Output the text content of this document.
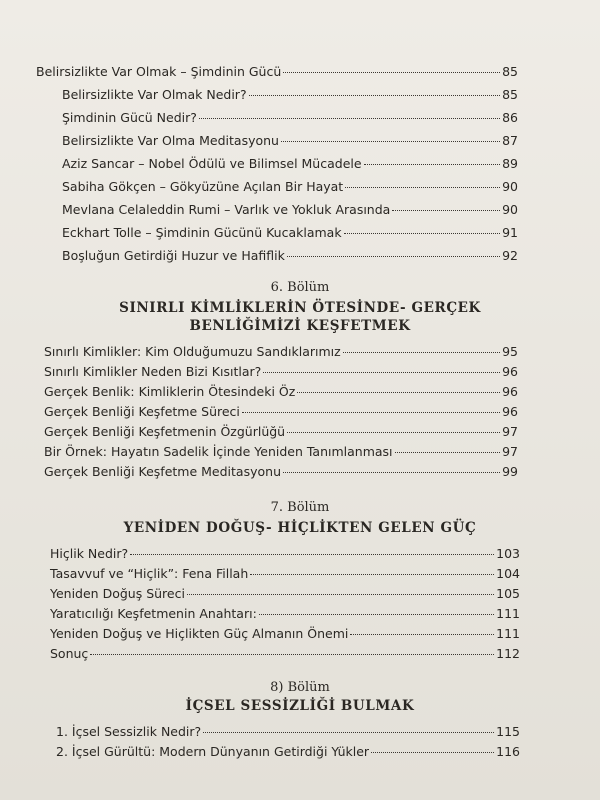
Belirsizlikte Var Olmak – Şimdinin Gücü	85
Belirsizlikte Var Olmak Nedir?	85
Şimdinin Gücü Nedir?	86
Belirsizlikte Var Olma Meditasyonu	87
Aziz Sancar – Nobel Ödülü ve Bilimsel Mücadele	89
Sabiha Gökçen – Gökyüzüne Açılan Bir Hayat	90
Mevlana Celaleddin Rumi – Varlık ve Yokluk Arasında	90
Eckhart Tolle – Şimdinin Gücünü Kucaklamak	91
Boşluğun Getirdiği Huzur ve Hafiflik	92
6. Bölüm
SINIRLI KİMLİKLERİN ÖTESİNDE- GERÇEK
BENLİĞİMİZİ KEŞFETMEK
Sınırlı Kimlikler: Kim Olduğumuzu Sandıklarımız	95
Sınırlı Kimlikler Neden Bizi Kısıtlar?	96
Gerçek Benlik: Kimliklerin Ötesindeki Öz	96
Gerçek Benliği Keşfetme Süreci	96
Gerçek Benliği Keşfetmenin Özgürlüğü	97
Bir Örnek: Hayatın Sadelik İçinde Yeniden Tanımlanması	97
Gerçek Benliği Keşfetme Meditasyonu	99
7. Bölüm
YENİDEN DOĞUŞ- HİÇLİKTEN GELEN GÜÇ
Hiçlik Nedir?	103
Tasavvuf ve “Hiçlik”: Fena Fillah	104
Yeniden Doğuş Süreci	105
Yaratıcılığı Keşfetmenin Anahtarı:	111
Yeniden Doğuş ve Hiçlikten Güç Almanın Önemi	111
Sonuç	112
8) Bölüm
İÇSEL SESSİZLİĞİ BULMAK
1. İçsel Sessizlik Nedir?	115
2. İçsel Gürültü: Modern Dünyanın Getirdiği Yükler	116
